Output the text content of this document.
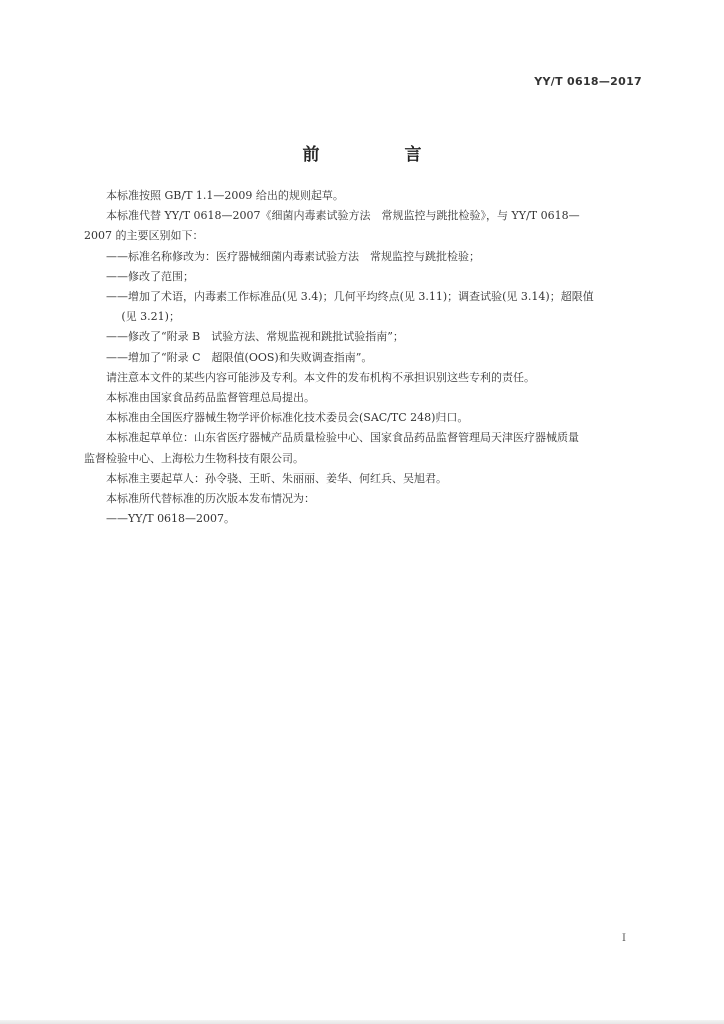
YY/T 0618—2017
前　言
本标准按照 GB/T 1.1—2009 给出的规则起草。
本标准代替 YY/T 0618—2007《细菌内毒素试验方法　常规监控与跳批检验》，与 YY/T 0618—
2007 的主要区别如下：
——标准名称修改为：医疗器械细菌内毒素试验方法　常规监控与跳批检验；
——修改了范围；
——增加了术语，内毒素工作标准品(见 3.4)；几何平均终点(见 3.11)；调查试验(见 3.14)；超限值
(见 3.21)；
——修改了“附录 B　试验方法、常规监视和跳批试验指南”；
——增加了“附录 C　超限值(OOS)和失败调查指南”。
请注意本文件的某些内容可能涉及专利。本文件的发布机构不承担识别这些专利的责任。
本标准由国家食品药品监督管理总局提出。
本标准由全国医疗器械生物学评价标准化技术委员会(SAC/TC 248)归口。
本标准起草单位：山东省医疗器械产品质量检验中心、国家食品药品监督管理局天津医疗器械质量
监督检验中心、上海松力生物科技有限公司。
本标准主要起草人：孙令骁、王昕、朱丽丽、姜华、何红兵、吴旭君。
本标准所代替标准的历次版本发布情况为：
——YY/T 0618—2007。
I
